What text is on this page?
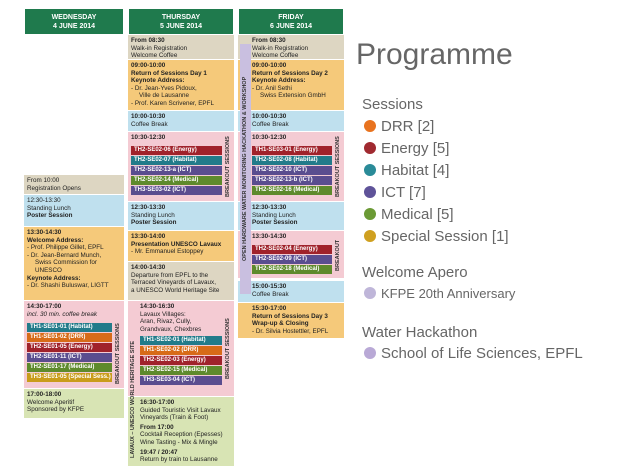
WEDNESDAY
4 JUNE 2014
From 10:00
Registration Opens
12:30-13:30
Standing Lunch
Poster Session
13:30-14:30
Welcome Address:
- Prof. Philippe Gillet, EPFL
- Dr. Jean-Bernard Munch,
Swiss Commission for UNESCO
Keynote Address:
- Dr. Shashi Buluswar, LIGTT
14:30-17:00
incl. 30 min. coffee break
TH1-SE01-01 (Habitat)
TH1-SE01-02 (DRR)
TH2-SE01-05 (Energy)
TH2-SE01-11 (ICT)
TH2-SE01-17 (Medical)
TH3-SE01-05 (Special Sess.) BREAKOUT SESSIONS
17:00-18:00
Welcome Aperitif
Sponsored by KFPE
THURSDAY
5 JUNE 2014
From 08:30
Walk-in Registration
Welcome Coffee
09:00-10:00
Return of Sessions Day 1
Keynote Address:
- Dr. Jean-Yves Pidoux,
Ville de Lausanne
- Prof. Karen Scrivener, EPFL
10:00-10:30
Coffee Break
10:30-12:30
TH2-SE02-06 (Energy)
TH2-SE02-07 (Habitat)
TH2-SE02-13-a (ICT)
TH2-SE02-14 (Medical)
TH3-SE03-02 (ICT)	BREAKOUT SESSIONS
12:30-13:30
Standing Lunch
Poster Session
13:30-14:00
Presentation UNESCO Lavaux
- Mr. Emmanuel Estoppey
14:00-14:30
Departure from EPFL to the
Terraced Vineyards of Lavaux,
a UNESCO World Heritage Site
14:30-16:30
Lavaux Villages:
Aran, Rivaz, Cully,
Grandvaux, Chexbres
TH1-SE02-01 (Habitat)
TH1-SE02-02 (DRR)
TH2-SE02-03 (Energy)
TH2-SE02-15 (Medical)
TH3-SE03-04 (ICT)
BREAKOUT SESSIONS
16:30-17:00
Guided Touristic Visit Lavaux
Vineyards (Train & Foot)
From 17:00
Cocktail Reception (Epesses)
Wine Tasting - Mix & Mingle
19:47 / 20:47
Return by train to Lausanne
LAVAUX – UNESCO WORLD HERITAGE SITE
FRIDAY
6 JUNE 2014
From 08:30
Walk-in Registration
Welcome Coffee
09:00-10:00
Return of Sessions Day 2
Keynote Address:
- Dr. Anil Sethi
Swiss Extension GmbH
10:00-10:30
Coffee Break
10:30-12:30
TH1-SE03-01 (Energy)
TH2-SE02-08 (Habitat)
TH2-SE02-10 (ICT)
TH2-SE02-13-b (ICT)
TH2-SE02-16 (Medical)	BREAKOUT SESSIONS
12:30-13:30
Standing Lunch
Poster Session
13:30-14:30
TH2-SE02-04 (Energy)
TH2-SE02-09 (ICT)
TH2-SE02-18 (Medical)	BREAKOUT
15:00-15:30
Coffee Break
15:30-17:00
Return of Sessions Day 3
Wrap-up & Closing
- Dr. Silvia Hostettler, EPFL
OPEN HARDWARE WATER MONITORING HACKATHON & WORKSHOP
Programme
Sessions
DRR [2]
Energy [5]
Habitat [4]
ICT [7]
Medical [5]
Special Session [1]
Welcome Apero
KFPE 20th Anniversary
Water Hackathon
School of Life Sciences, EPFL
